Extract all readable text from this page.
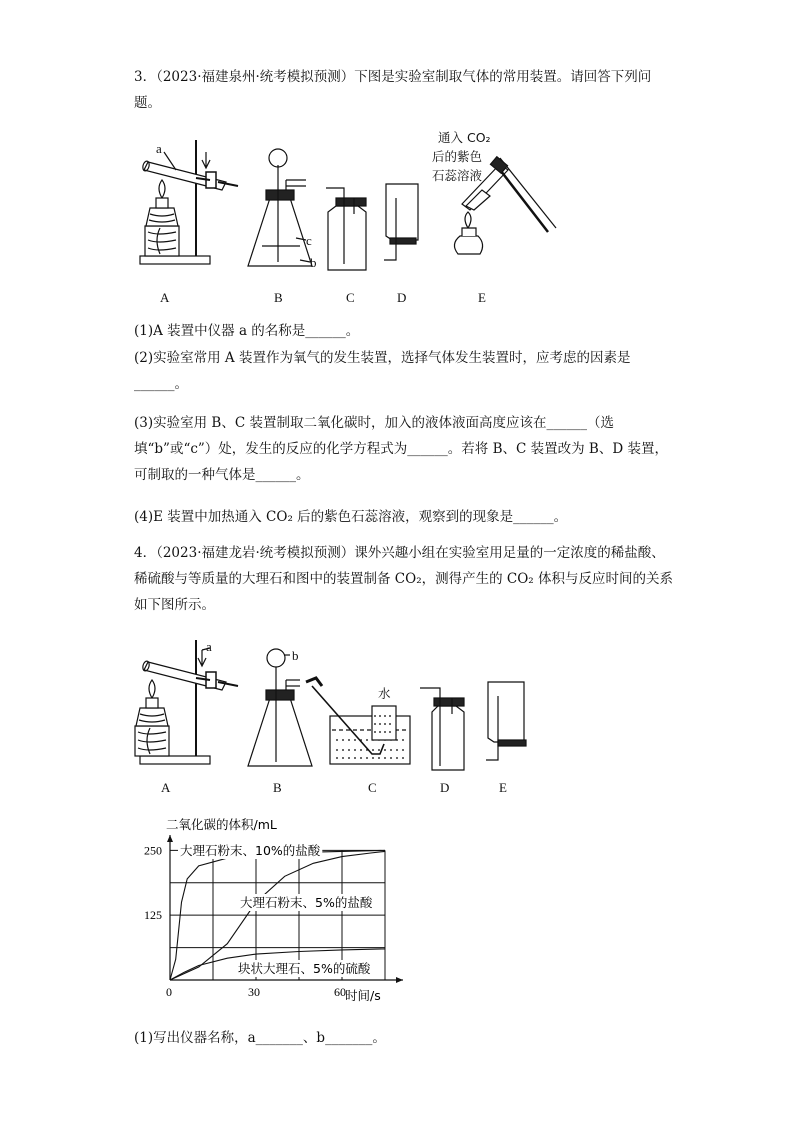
3．（2023·福建泉州·统考模拟预测）下图是实验室制取气体的常用装置。请回答下列问题。

a
c
b
通入 CO₂
后的紫色
石蕊溶液
A	B	C	D	E
(1)A 装置中仪器 a 的名称是______。

(2)实验室常用 A 装置作为氧气的发生装置，选择气体发生装置时，应考虑的因素是______。

(3)实验室用 B、C 装置制取二氧化碳时，加入的液体液面高度应该在______（选填“b”或“c”）处，发生的反应的化学方程式为______。若将 B、C 装置改为 B、D 装置，可制取的一种气体是______。

(4)E 装置中加热通入 CO₂ 后的紫色石蕊溶液，观察到的现象是______。

4．（2023·福建龙岩·统考模拟预测）课外兴趣小组在实验室用足量的一定浓度的稀盐酸、稀硫酸与等质量的大理石和图中的装置制备 CO₂，测得产生的 CO₂ 体积与反应时间的关系如下图所示。

a
b
水
A	B	C	D	E
0	30	60
125
250
二氧化碳的体积/mL
时间/s
大理石粉末、10%的盐酸
大理石粉末、5%的盐酸
块状大理石、5%的硫酸
(1)写出仪器名称，a_______、b_______。
